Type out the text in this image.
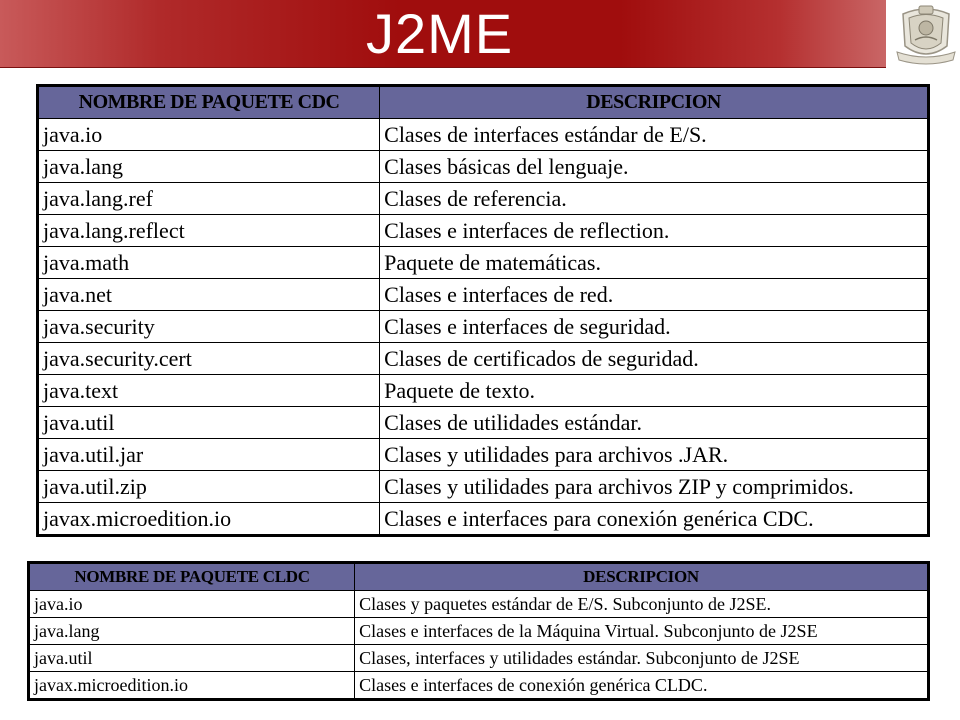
J2ME
NOMBRE DE PAQUETE CDC	DESCRIPCION
java.io	Clases de interfaces estándar de E/S.
java.lang	Clases básicas del lenguaje.
java.lang.ref	Clases de referencia.
java.lang.reflect	Clases e interfaces de reflection.
java.math	Paquete de matemáticas.
java.net	Clases e interfaces de red.
java.security	Clases e interfaces de seguridad.
java.security.cert	Clases de certificados de seguridad.
java.text	Paquete de texto.
java.util	Clases de utilidades estándar.
java.util.jar	Clases y utilidades para archivos .JAR.
java.util.zip	Clases y utilidades para archivos ZIP y comprimidos.
javax.microedition.io	Clases e interfaces para conexión genérica CDC.
NOMBRE DE PAQUETE CLDC	DESCRIPCION
java.io	Clases y paquetes estándar de E/S. Subconjunto de J2SE.
java.lang	Clases e interfaces de la Máquina Virtual. Subconjunto de J2SE
java.util	Clases, interfaces y utilidades estándar. Subconjunto de J2SE
javax.microedition.io	Clases e interfaces de conexión genérica CLDC.
